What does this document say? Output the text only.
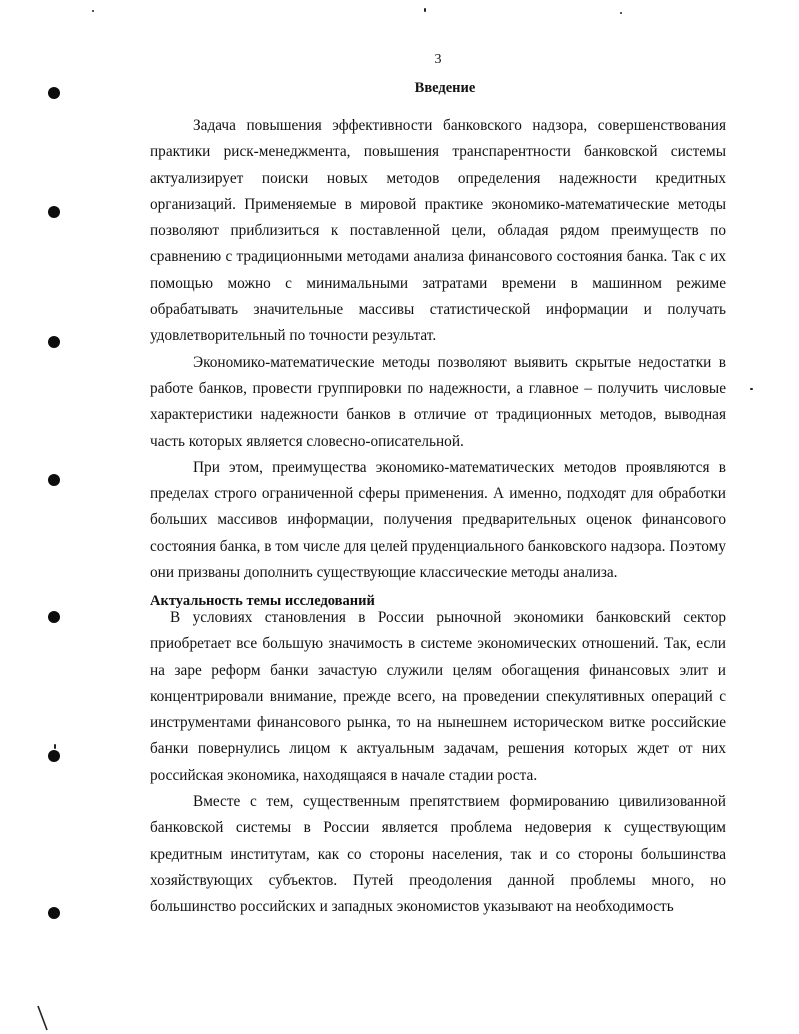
3
Введение

Задача повышения эффективности банковского надзора, совершенствования практики риск-менеджмента, повышения транспарентности банковской системы актуализирует поиски новых методов определения надежности кредитных организаций. Применяемые в мировой практике экономико-математические методы позволяют приблизиться к поставленной цели, обладая рядом преимуществ по сравнению с традиционными методами анализа финансового состояния банка. Так с их помощью можно с минимальными затратами времени в машинном режиме обрабатывать значительные массивы статистической информации и получать удовлетворительный по точности результат.

Экономико-математические методы позволяют выявить скрытые недостатки в работе банков, провести группировки по надежности, а главное – получить числовые характеристики надежности банков в отличие от традиционных методов, выводная часть которых является словесно-описательной.

При этом, преимущества экономико-математических методов проявляются в пределах строго ограниченной сферы применения. А именно, подходят для обработки больших массивов информации, получения предварительных оценок финансового состояния банка, в том числе для целей пруденциального банковского надзора. Поэтому они призваны дополнить существующие классические методы анализа.

Актуальность темы исследований

В условиях становления в России рыночной экономики банковский сектор приобретает все большую значимость в системе экономических отношений. Так, если на заре реформ банки зачастую служили целям обогащения финансовых элит и концентрировали внимание, прежде всего, на проведении спекулятивных операций с инструментами финансового рынка, то на нынешнем историческом витке российские банки повернулись лицом к актуальным задачам, решения которых ждет от них российская экономика, находящаяся в начале стадии роста.

Вместе с тем, существенным препятствием формированию цивилизованной банковской системы в России является проблема недоверия к существующим кредитным институтам, как со стороны населения, так и со стороны большинства хозяйствующих субъектов. Путей преодоления данной проблемы много, но большинство российских и западных экономистов указывают на необходимость
